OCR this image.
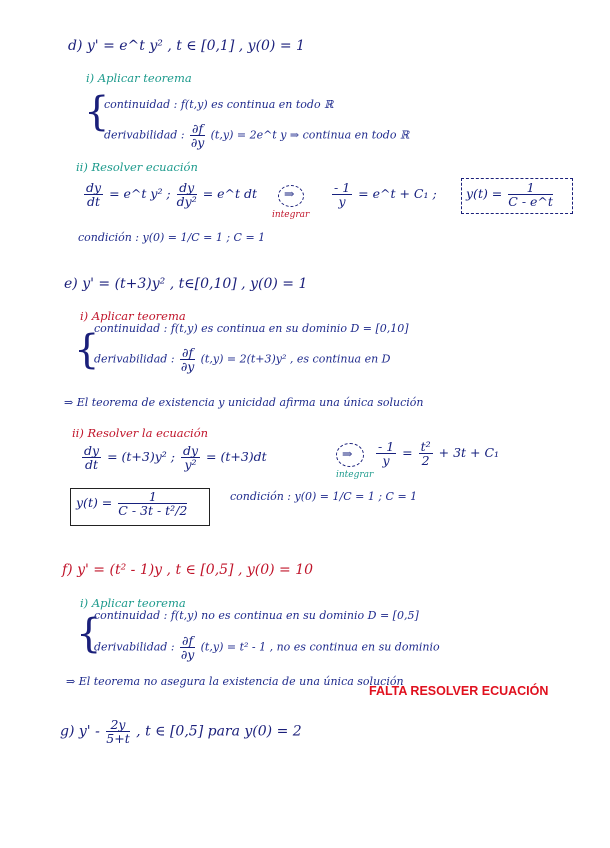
d) y' = e^t y² , t ∈ [0,1] , y(0) = 1
i) Aplicar teorema
{
continuidad : f(t,y) es continua en todo ℝ
derivabilidad : $\frac{\partial f}{\partial y} (t,y)$ = 2e^t y ⇒ continua en todo ℝ
ii) Resolver ecuación
$\frac{dy}{dt}$ = e^t y² ; $\frac{dy}{\text{dy²}}$ = e^t dt ⇒
integrar
$\frac{- 1}{y}$ = e^t + C₁ ; $y(t) = \frac{1}{C - e\^{}t}$
condición : y(0) = 1/C = 1 ; C = 1
e) y' = (t+3)y² , t∈[0,10] , y(0) = 1
i) Aplicar teorema
{
continuidad : f(t,y) es continua en su dominio D = [0,10]
derivabilidad : $\frac{\partial f}{\partial y} (t,y) = 2(t+3)y^2$ , es continua en D
⇒ El teorema de existencia y unicidad afirma una única solución
ii) Resolver la ecuación
$\frac{dy}{dt} = (t+3)y^2$ ; $\frac{dy}{\text{y²}} = (t+3)dt$	⇒
integrar
$\frac{- 1}{y} = \frac{\text{t²}}{2} + 3t + C_1$
$y(t) = \frac{1}{\text{C - 3t - t²/2}}$	condición : y(0) = 1/C = 1 ; C = 1
f) y' = (t² - 1)y , t ∈ [0,5] , y(0) = 10
i) Aplicar teorema
{
continuidad : f(t,y) no es continua en su dominio D = [0,5]
derivabilidad : $\frac{\partial f}{\partial y} (t,y) = t^2 - 1$ , no es continua en su dominio
⇒ El teorema no asegura la existencia de una única solución
FALTA RESOLVER ECUACIÓN
g) y' - $\frac{2y}{5+t}$ , t ∈ [0,5] para y(0) = 2
